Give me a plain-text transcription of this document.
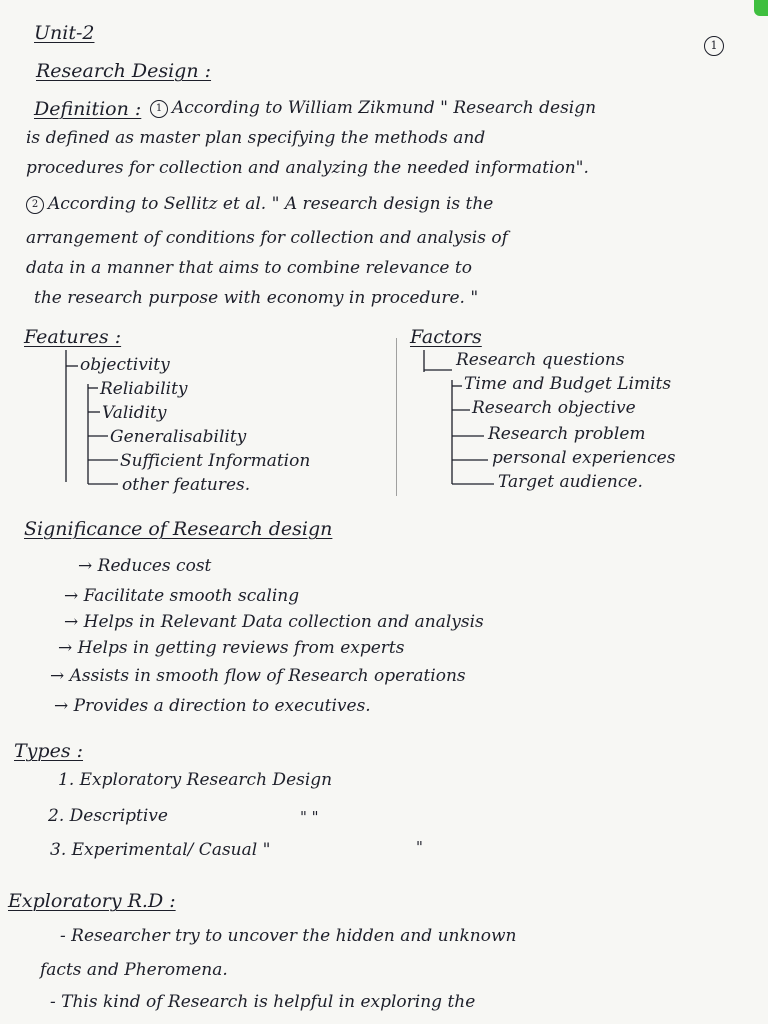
Unit-2
1
Research Design :
Definition :	1 According to William Zikmund " Research design
is defined as master plan specifying the methods and
procedures for collection and analyzing the needed information".
2 According to Sellitz et al. " A research design is the
arrangement of conditions for collection and analysis of
data in a manner that aims to combine relevance to
the research purpose with economy in procedure. "
Features :
objectivity
Reliability
Validity
Generalisability
Sufficient Information
other features.
Factors
Research questions
Time and Budget Limits
Research objective
Research problem
personal experiences
Target audience.
Significance of Research design
→ Reduces cost
→ Facilitate smooth scaling
→ Helps in Relevant Data collection and analysis
→ Helps in getting reviews from experts
→ Assists in smooth flow of Research operations
→ Provides a direction to executives.
Types :
1. Exploratory Research Design
2. Descriptive	" "
3. Experimental/ Casual "	"
Exploratory R.D :
- Researcher try to uncover the hidden and unknown
facts and Pheromena.
- This kind of Research is helpful in exploring the
